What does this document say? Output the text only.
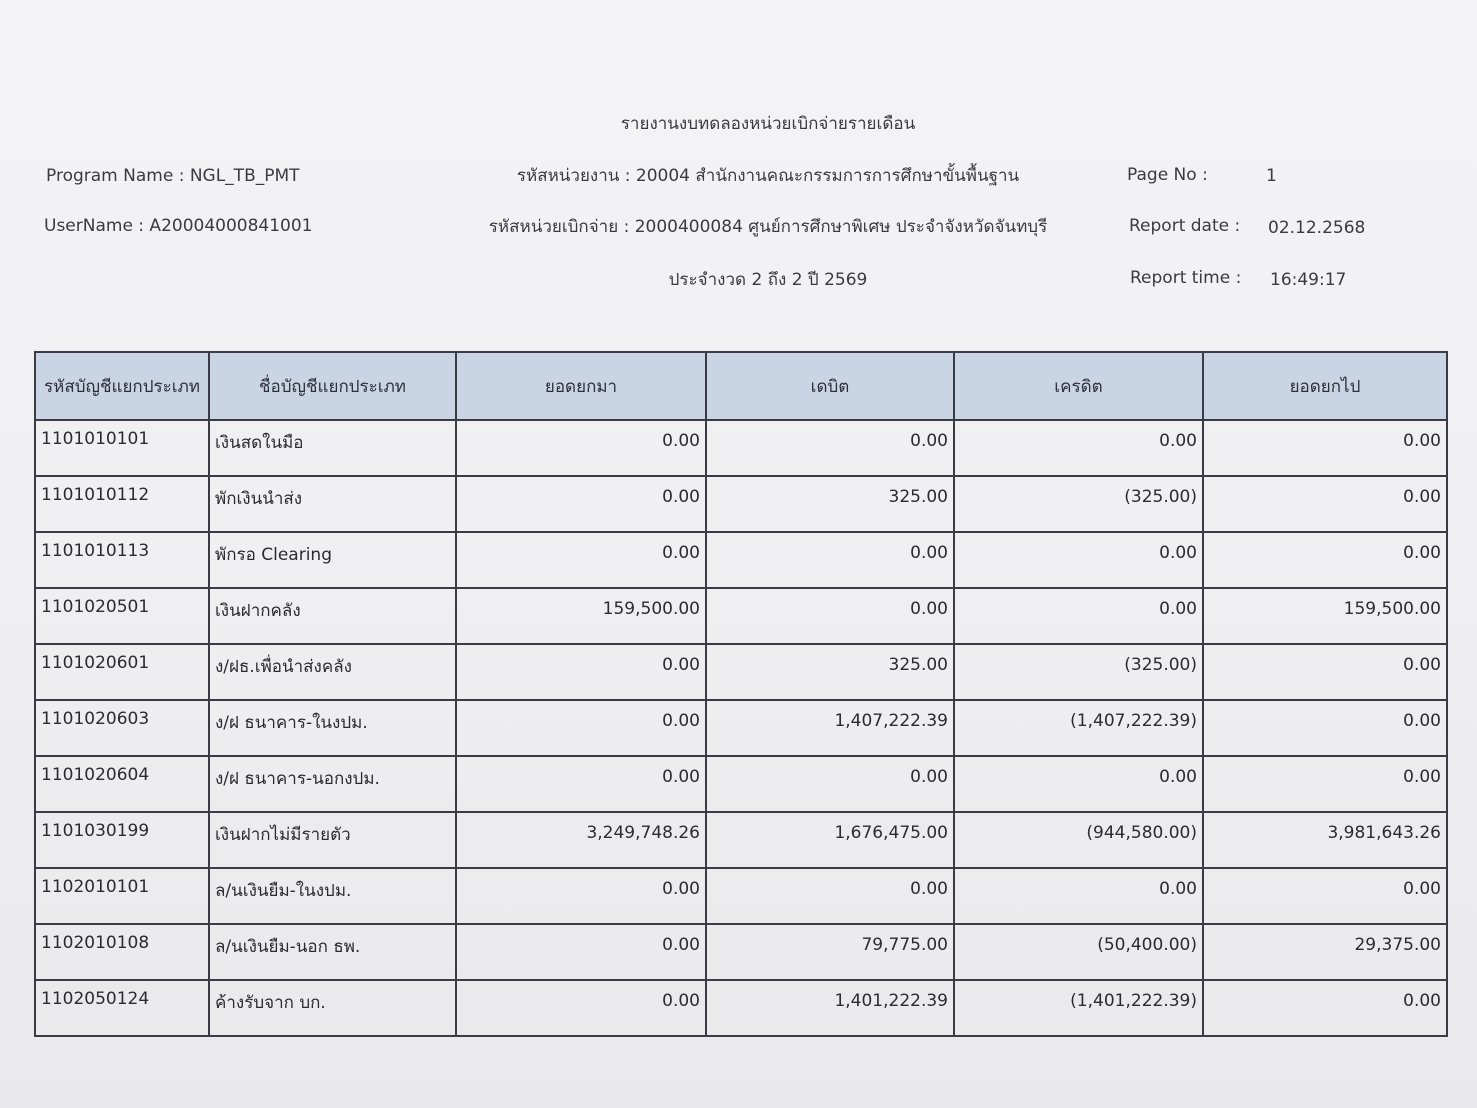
รายงานงบทดลองหน่วยเบิกจ่ายรายเดือน
Program Name : NGL_TB_PMT
UserName : A20004000841001
รหัสหน่วยงาน : 20004 สำนักงานคณะกรรมการการศึกษาขั้นพื้นฐาน
รหัสหน่วยเบิกจ่าย : 2000400084 ศูนย์การศึกษาพิเศษ ประจำจังหวัดจันทบุรี
ประจำงวด 2 ถึง 2 ปี 2569
Page No :	1
Report date : 02.12.2568
Report time : 16:49:17
รหัสบัญชีแยกประเภท	ชื่อบัญชีแยกประเภท	ยอดยกมา	เดบิต	เครดิต	ยอดยกไป
1101010101	เงินสดในมือ	0.00	0.00	0.00	0.00
1101010112	พักเงินนำส่ง	0.00	325.00	(325.00)	0.00
1101010113	พักรอ Clearing	0.00	0.00	0.00	0.00
1101020501	เงินฝากคลัง	159,500.00	0.00	0.00	159,500.00
1101020601	ง/ฝธ.เพื่อนำส่งคลัง	0.00	325.00	(325.00)	0.00
1101020603	ง/ฝ ธนาคาร-ในงปม.	0.00	1,407,222.39	(1,407,222.39)	0.00
1101020604	ง/ฝ ธนาคาร-นอกงปม.	0.00	0.00	0.00	0.00
1101030199	เงินฝากไม่มีรายตัว	3,249,748.26	1,676,475.00	(944,580.00)	3,981,643.26
1102010101	ล/นเงินยืม-ในงปม.	0.00	0.00	0.00	0.00
1102010108	ล/นเงินยืม-นอก ธพ.	0.00	79,775.00	(50,400.00)	29,375.00
1102050124	ค้างรับจาก บก.	0.00	1,401,222.39	(1,401,222.39)	0.00
